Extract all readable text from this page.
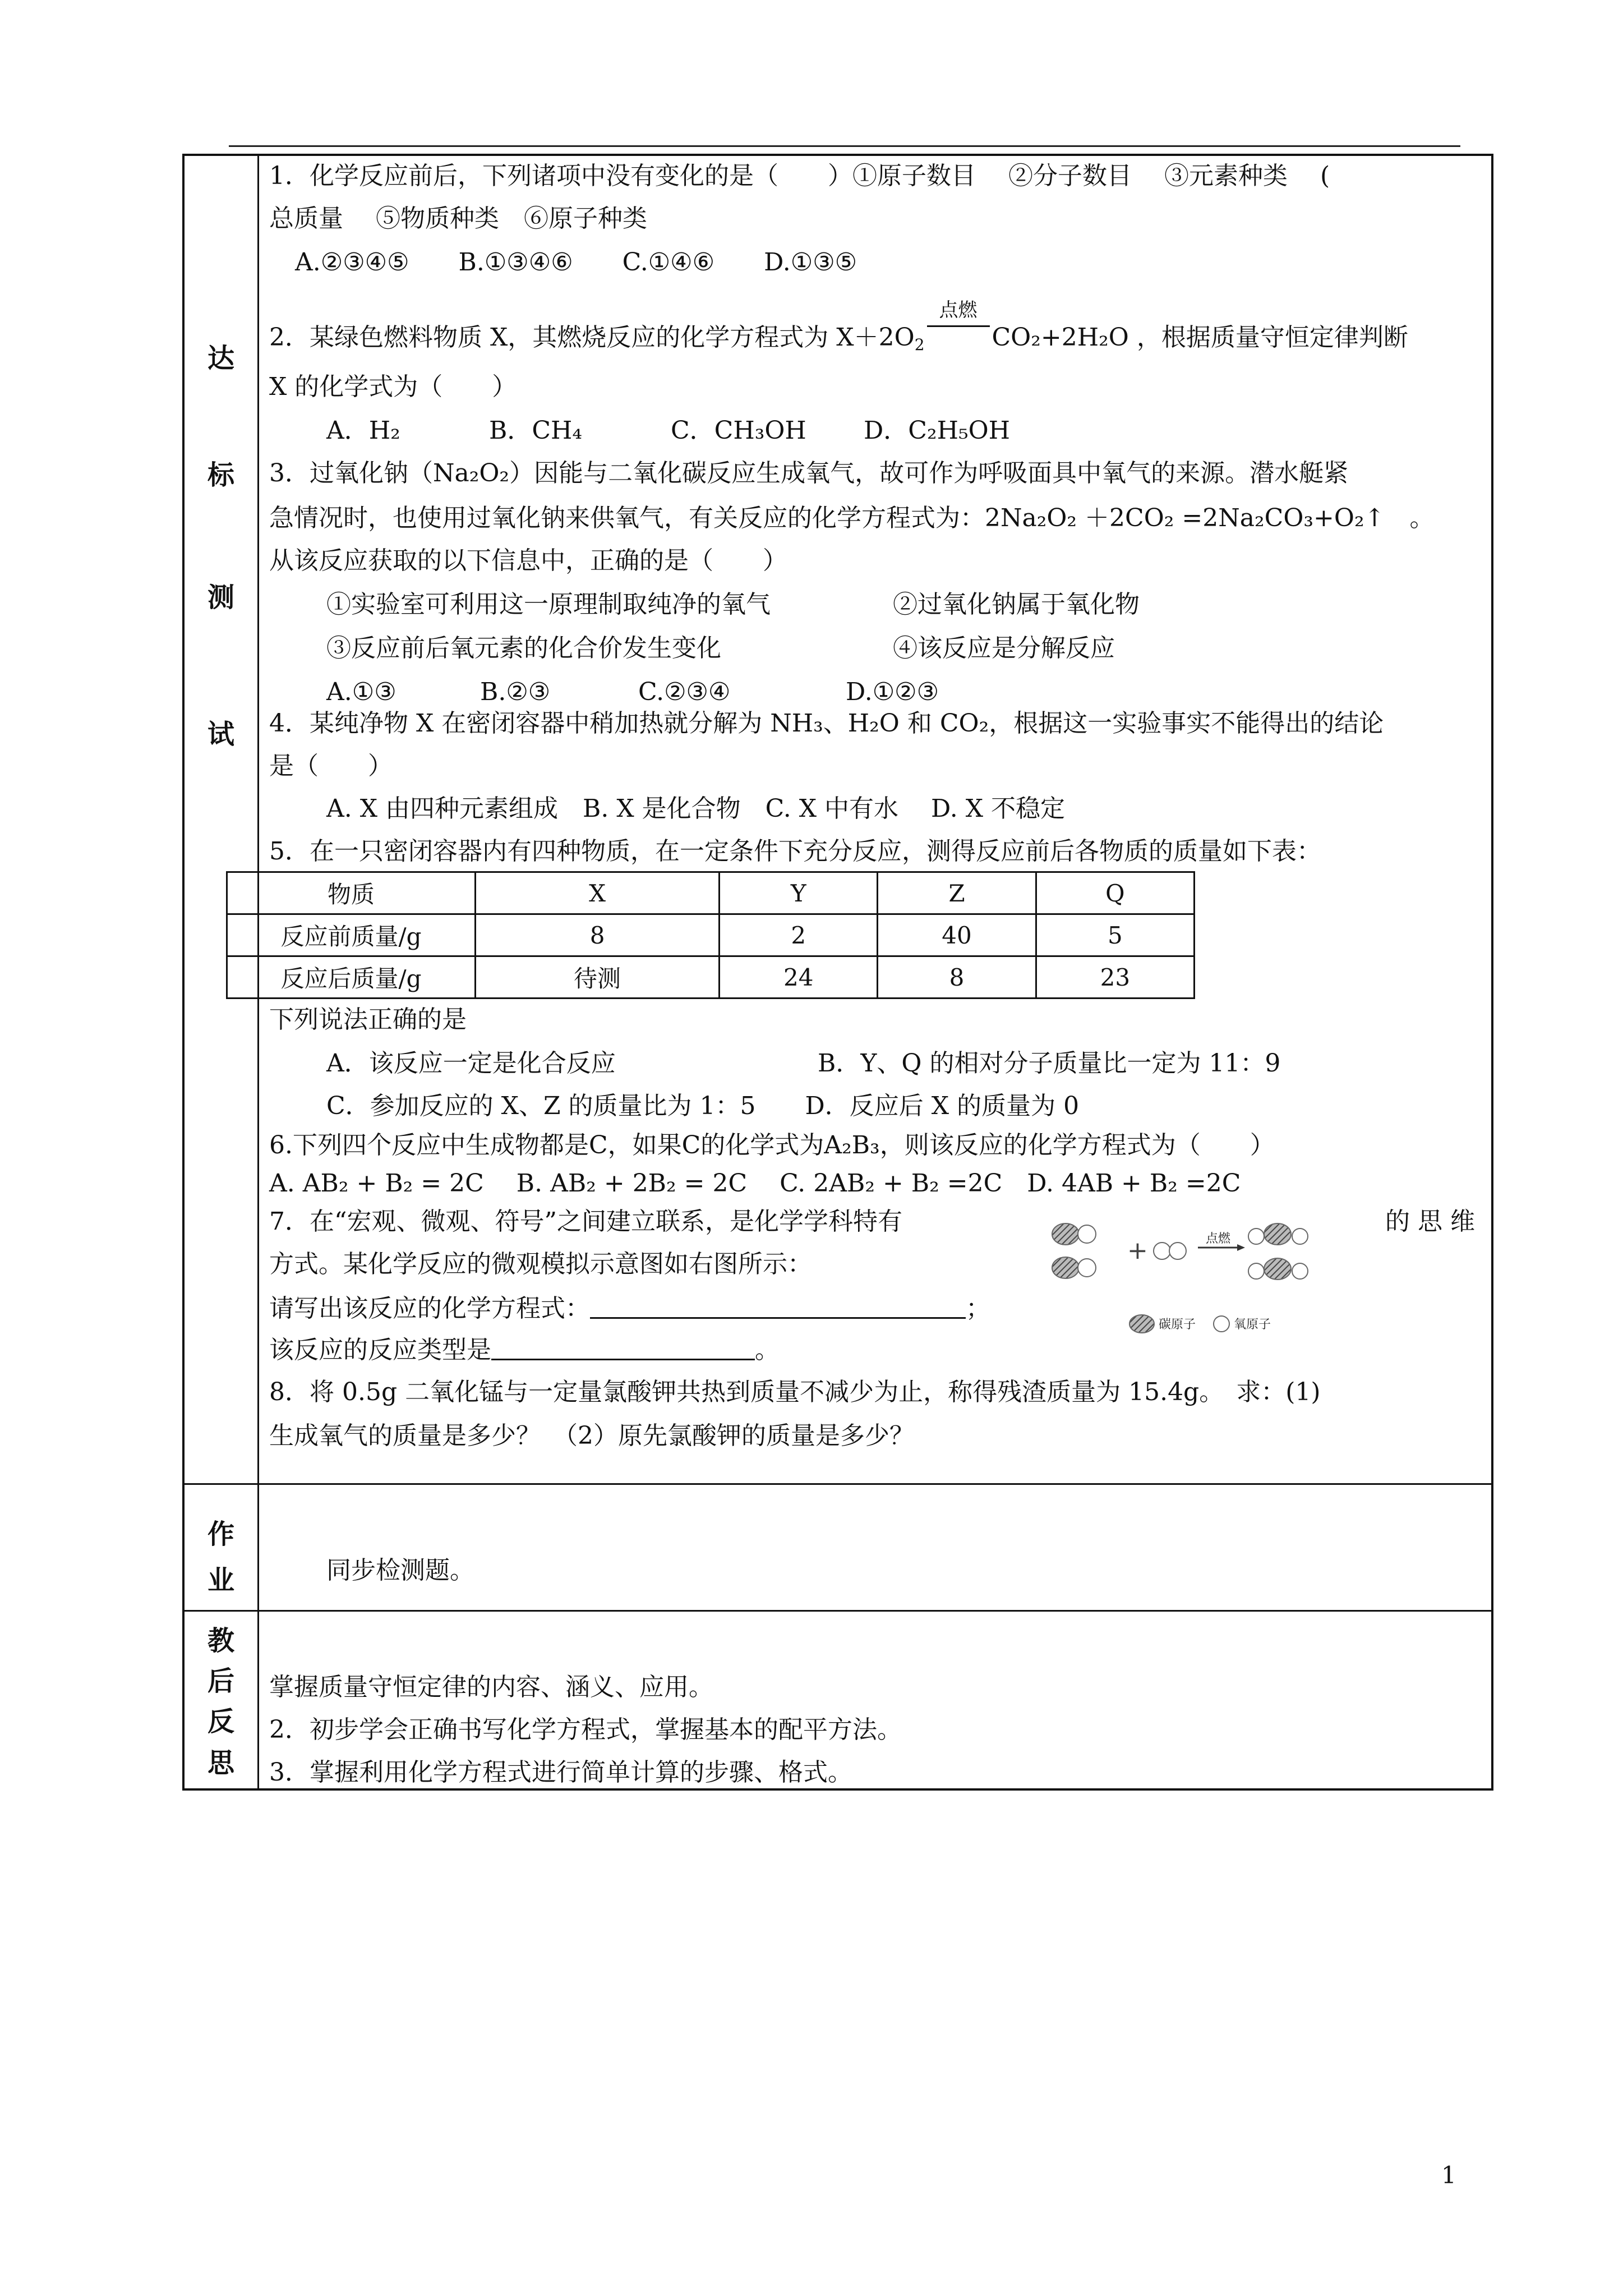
达
标
测
试
作
业
教
后
反
思
1．化学反应前后，下列诸项中没有变化的是（　　）①原子数目　 ②分子数目　 ③元素种类　 (
总质量　 ⑤物质种类　⑥原子种类
A.②③④⑤　　B.①③④⑥　　C.①④⑥　　D.①③⑤
2．某绿色燃料物质 X，其燃烧反应的化学方程式为 $X+2O_2$
点燃
CO₂+2H₂O ，根据质量守恒定律判断
X 的化学式为（　　）
A．H₂	B．CH₄	C．CH₃OH D．C₂H₅OH
3．过氧化钠（Na₂O₂）因能与二氧化碳反应生成氧气，故可作为呼吸面具中氧气的来源。潜水艇紧
急情况时，也使用过氧化钠来供氧气，有关反应的化学方程式为：2Na₂O₂ ＋2CO₂ =2Na₂CO₃+O₂↑　。
从该反应获取的以下信息中，正确的是（　　）
①实验室可利用这一原理制取纯净的氧气	②过氧化钠属于氧化物
③反应前后氧元素的化合价发生变化	④该反应是分解反应
A.①③	B.②③	C.②③④	D.①②③
4．某纯净物 X 在密闭容器中稍加热就分解为 NH₃、H₂O 和 CO₂，根据这一实验事实不能得出的结论
是（　　）
A. X 由四种元素组成　B. X 是化合物　C. X 中有水　 D. X 不稳定
5．在一只密闭容器内有四种物质，在一定条件下充分反应，测得反应前后各物质的质量如下表：
物质	X	Y	Z	Q
反应前质量/g	8	2	40	5
反应后质量/g	待测	24	8	23
下列说法正确的是
A．该反应一定是化合反应	B．Y、Q 的相对分子质量比一定为 11：9
C．参加反应的 X、Z 的质量比为 1：5　　D．反应后 X 的质量为 0
6.下列四个反应中生成物都是C，如果C的化学式为A₂B₃，则该反应的化学方程式为（　　）
A. AB₂ + B₂ = 2C　 B. AB₂ + 2B₂ = 2C　 C. 2AB₂ + B₂ =2C　D. 4AB + B₂ =2C
7．在“宏观、微观、符号”之间建立联系，是化学学科特有	的 思 维
方式。某化学反应的微观模拟示意图如右图所示：
请写出该反应的化学方程式：	；
该反应的反应类型是	。
+	点燃
碳原子	氧原子
8．将 0.5g 二氧化锰与一定量氯酸钾共热到质量不减少为止，称得残渣质量为 15.4g。　求：(1)
生成氧气的质量是多少？　（2）原先氯酸钾的质量是多少？
同步检测题。
掌握质量守恒定律的内容、涵义、应用。
2．初步学会正确书写化学方程式，掌握基本的配平方法。
3．掌握利用化学方程式进行简单计算的步骤、格式。
1
